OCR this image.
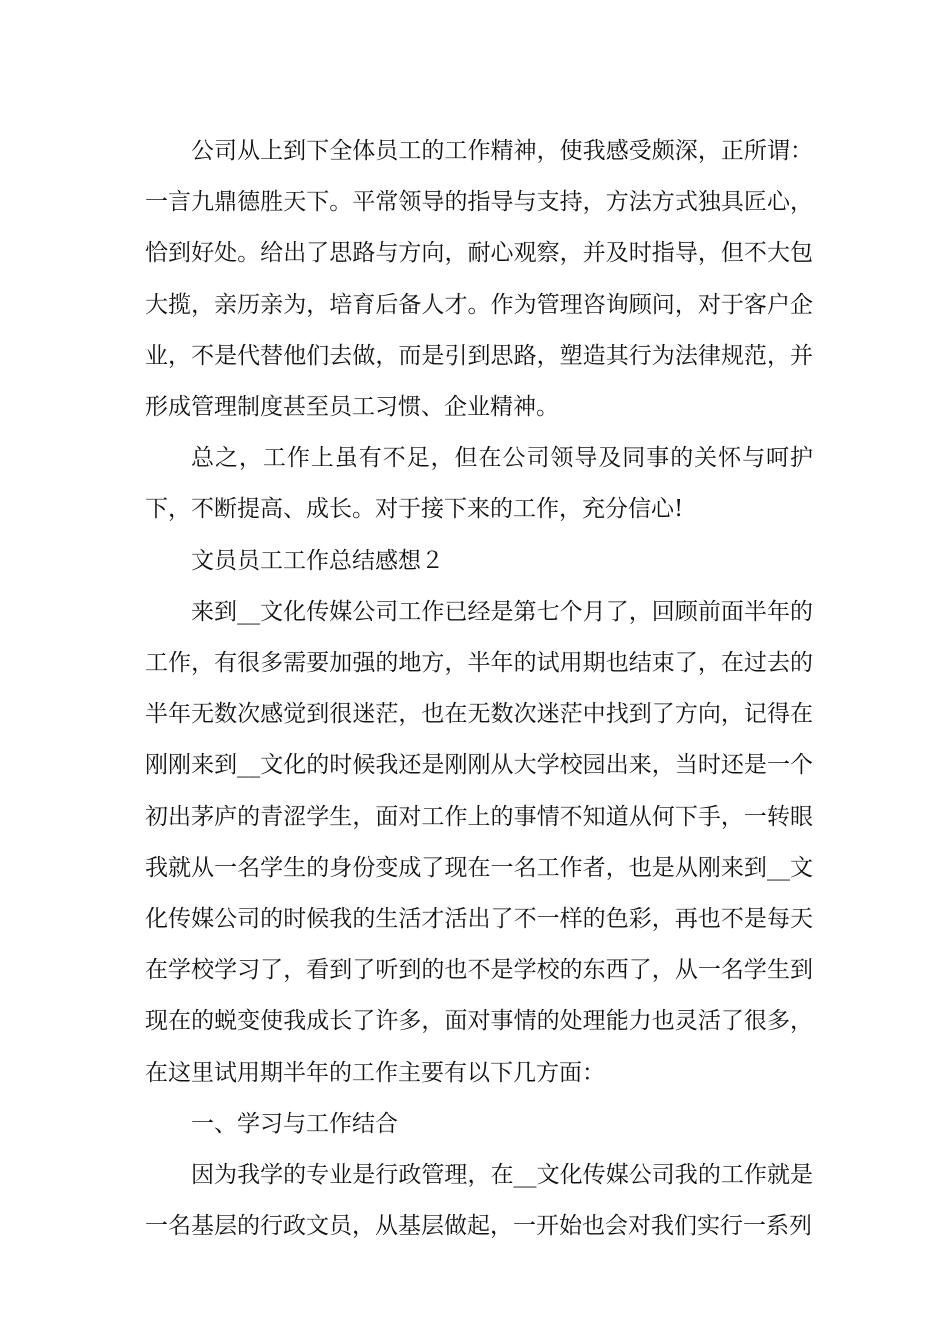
公司从上到下全体员工的工作精神，使我感受颇深，正所谓：一言九鼎德胜天下。平常领导的指导与支持，方法方式独具匠心，恰到好处。给出了思路与方向，耐心观察，并及时指导，但不大包大揽，亲历亲为，培育后备人才。作为管理咨询顾问，对于客户企业，不是代替他们去做，而是引到思路，塑造其行为法律规范，并形成管理制度甚至员工习惯、企业精神。

总之，工作上虽有不足，但在公司领导及同事的关怀与呵护下，不断提高、成长。对于接下来的工作，充分信心!

文员员工工作总结感想２

来到__文化传媒公司工作已经是第七个月了，回顾前面半年的工作，有很多需要加强的地方，半年的试用期也结束了，在过去的半年无数次感觉到很迷茫，也在无数次迷茫中找到了方向，记得在刚刚来到__文化的时候我还是刚刚从大学校园出来，当时还是一个初出茅庐的青涩学生，面对工作上的事情不知道从何下手，一转眼我就从一名学生的身份变成了现在一名工作者，也是从刚来到__文化传媒公司的时候我的生活才活出了不一样的色彩，再也不是每天在学校学习了，看到了听到的也不是学校的东西了，从一名学生到现在的蜕变使我成长了许多，面对事情的处理能力也灵活了很多，在这里试用期半年的工作主要有以下几方面：

一、学习与工作结合

因为我学的专业是行政管理，在__文化传媒公司我的工作就是一名基层的行政文员，从基层做起，一开始也会对我们实行一系列
